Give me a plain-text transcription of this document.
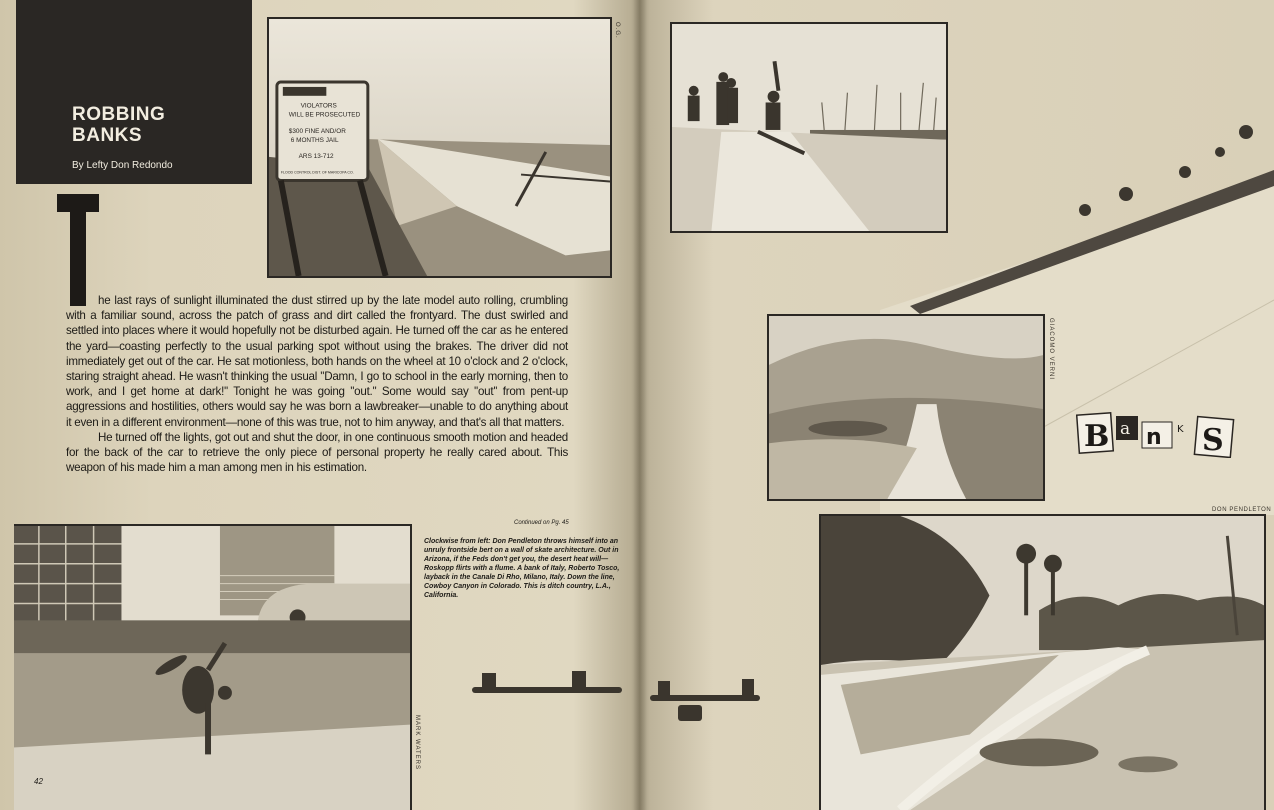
ROBBING
BANKS
By Lefty Don Redondo
VIOLATORS
WILL BE PROSECUTED
$300 FINE AND/OR
6 MONTHS JAIL
ARS 13-712
FLOOD CONTROL DIST. OF MARICOPA CO.
O.G.

he last rays of sunlight illuminated the dust stirred up by the late model auto rolling, crumbling with a familiar sound, across the patch of grass and dirt called the frontyard. The dust swirled and settled into places where it would hopefully not be disturbed again. He turned off the car as he entered the yard—coasting perfectly to the usual parking spot without using the brakes. The driver did not immediately get out of the car. He sat motionless, both hands on the wheel at 10 o'clock and 2 o'clock, staring straight ahead. He wasn't thinking the usual ''Damn, I go to school in the early morning, then to work, and I get home at dark!'' Tonight he was going ''out.'' Some would say ''out'' from pent-up aggressions and hostilities, others would say he was born a lawbreaker—unable to do anything about it even in a different environment—none of this was true, not to him anyway, and that's all that matters.

He turned off the lights, got out and shut the door, in one continuous smooth motion and headed for the back of the car to retrieve the only piece of personal property he really cared about. This weapon of his made him a man among men in his estimation.

Continued on Pg. 45
MARK WATERS
Clockwise from left: Don Pendleton throws himself into an unruly frontside bert on a wall of skate architecture. Out in Arizona, if the Feds don't get you, the desert heat will—Roskopp flirts with a flume. A bank of Italy, Roberto Tosco, layback in the Canale Di Rho, Milano, Italy. Down the line, Cowboy Canyon in Colorado. This is ditch country, L.A., California.
42
GIACOMO VERNI
B a n K S
DON PENDLETON
